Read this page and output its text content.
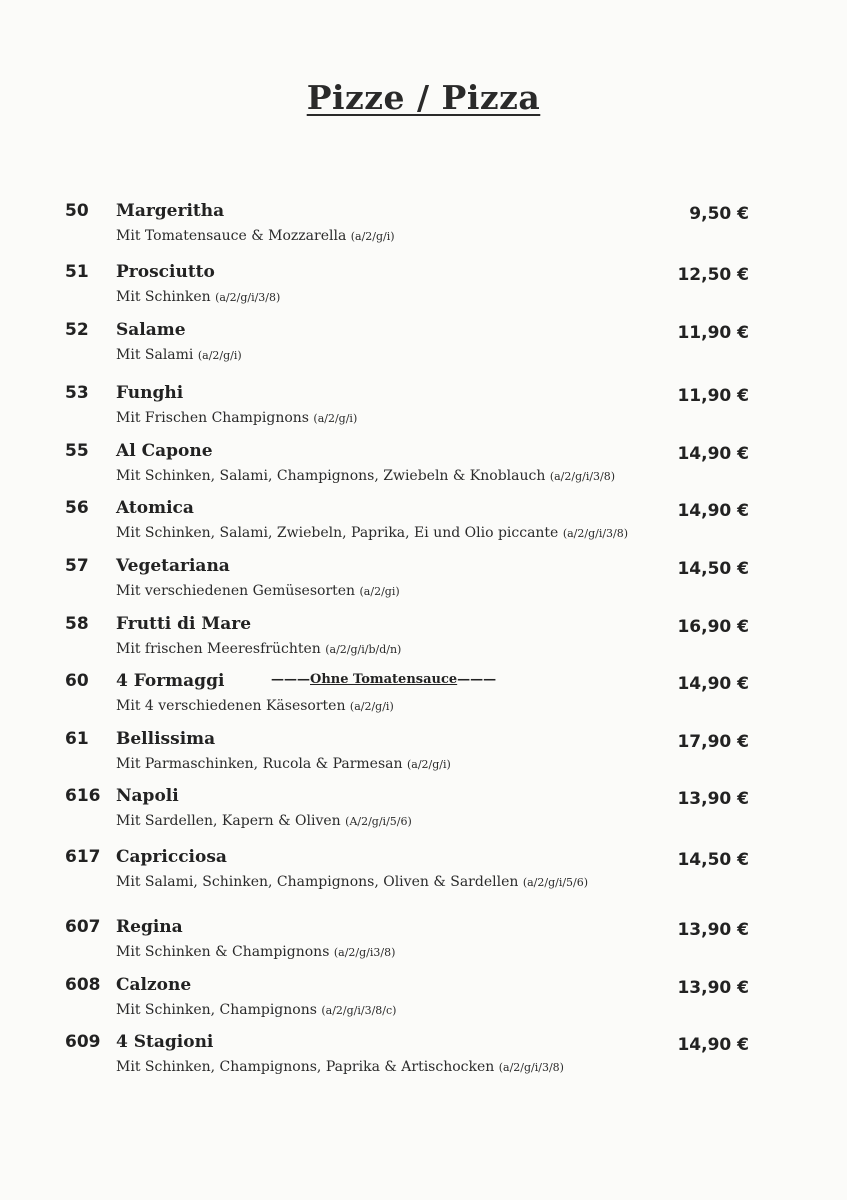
Pizze / Pizza
50 Margeritha	9,50 €
Mit Tomatensauce & Mozzarella (a/2/g/i)
51 Prosciutto	12,50 €
Mit Schinken (a/2/g/i/3/8)
52 Salame	11,90 €
Mit Salami (a/2/g/i)
53 Funghi	11,90 €
Mit Frischen Champignons (a/2/g/i)
55 Al Capone	14,90 €
Mit Schinken, Salami, Champignons, Zwiebeln & Knoblauch (a/2/g/i/3/8)
56 Atomica	14,90 €
Mit Schinken, Salami, Zwiebeln, Paprika, Ei und Olio piccante (a/2/g/i/3/8)
57 Vegetariana	14,50 €
Mit verschiedenen Gemüsesorten (a/2/gi)
58 Frutti di Mare	16,90 €
Mit frischen Meeresfrüchten (a/2/g/i/b/d/n)
60 4 Formaggi	———Ohne Tomatensauce———	14,90 €
Mit 4 verschiedenen Käsesorten (a/2/g/i)
61 Bellissima	17,90 €
Mit Parmaschinken, Rucola & Parmesan (a/2/g/i)
616 Napoli	13,90 €
Mit Sardellen, Kapern & Oliven (A/2/g/i/5/6)
617 Capricciosa	14,50 €
Mit Salami, Schinken, Champignons, Oliven & Sardellen (a/2/g/i/5/6)
607 Regina	13,90 €
Mit Schinken & Champignons (a/2/g/i3/8)
608 Calzone	13,90 €
Mit Schinken, Champignons (a/2/g/i/3/8/c)
609 4 Stagioni	14,90 €
Mit Schinken, Champignons, Paprika & Artischocken (a/2/g/i/3/8)
